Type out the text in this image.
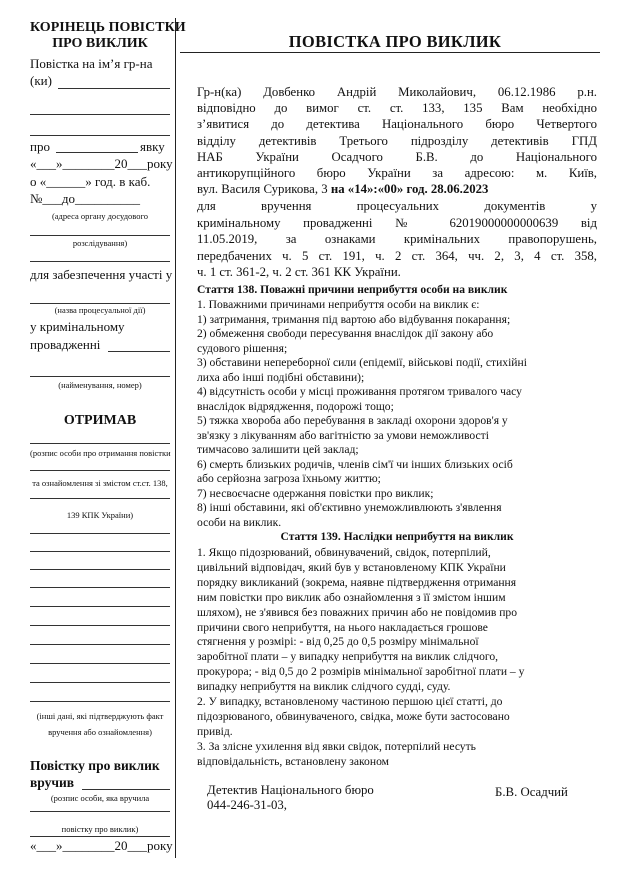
КОРІНЕЦЬ ПОВІСТКИ
ПРО ВИКЛИК
Повістка на ім’я гр-на
(ки)
про	явку
«___»________20___року
о «______» год. в каб.
№___до__________
(адреса органу досудового
розслідування)
для забезпечення участі у
(назва процесуальної дії)
у кримінальному
провадженні
(найменування, номер)
ОТРИМАВ
(розпис особи про отримання повістки
та ознайомлення зі змістом ст.ст. 138,
139 КПК України)
(інші дані, які підтверджують факт
вручення або ознайомлення)
Повістку про виклик
вручив
(розпис особи, яка вручила
повістку про виклик)
«___»________20___року
ПОВІСТКА ПРО ВИКЛИК
Гр-н(ка) Довбенко Андрій Миколайович, 06.12.1986 р.н.
відповідно до вимог ст. ст. 133, 135 Вам необхідно
з’явитися до детектива Національного бюро Четвертого
відділу детективів Третього підрозділу детективів ГПД
НАБ України Осадчого Б.В. до Національного
антикорупційного бюро України за адресою: м. Київ,
вул. Василя Сурикова, 3 на «14»:«00» год. 28.06.2023
для вручення процесуальних документів у
кримінальному провадженні № 62019000000000639 від
11.05.2019, за ознаками кримінальних правопорушень,
передбачених ч. 5 ст. 191, ч. 2 ст. 364, чч. 2, 3, 4 ст. 358,
ч. 1 ст. 361-2, ч. 2 ст. 361 КК України.
Стаття 138. Поважні причини неприбуття особи на виклик
1. Поважними причинами неприбуття особи на виклик є:
1) затримання, тримання під вартою або відбування покарання;
2) обмеження свободи пересування внаслідок дії закону або
судового рішення;
3) обставини непереборної сили (епідемії, військові події, стихійні
лиха або інші подібні обставини);
4) відсутність особи у місці проживання протягом тривалого часу
внаслідок відрядження, подорожі тощо;
5) тяжка хвороба або перебування в закладі охорони здоров'я у
зв'язку з лікуванням або вагітністю за умови неможливості
тимчасово залишити цей заклад;
6) смерть близьких родичів, членів сім'ї чи інших близьких осіб
або серйозна загроза їхньому життю;
7) несвоєчасне одержання повістки про виклик;
8) інші обставини, які об'єктивно унеможливлюють з'явлення
особи на виклик.
Стаття 139. Наслідки неприбуття на виклик
1. Якщо підозрюваний, обвинувачений, свідок, потерпілий,
цивільний відповідач, який був у встановленому КПК України
порядку викликаний (зокрема, наявне підтвердження отримання
ним повістки про виклик або ознайомлення з її змістом іншим
шляхом), не з'явився без поважних причин або не повідомив про
причини свого неприбуття, на нього накладається грошове
стягнення у розмірі: - від 0,25 до 0,5 розміру мінімальної
заробітної плати – у випадку неприбуття на виклик слідчого,
прокурора; - від 0,5 до 2 розмірів мінімальної заробітної плати – у
випадку неприбуття на виклик слідчого судді, суду.
2. У випадку, встановленому частиною першою цієї статті, до
підозрюваного, обвинуваченого, свідка, може бути застосовано
привід.
3. За злісне ухилення від явки свідок, потерпілий несуть
відповідальність, встановлену законом
Детектив Національного бюро
044-246-31-03,
Б.В. Осадчий
